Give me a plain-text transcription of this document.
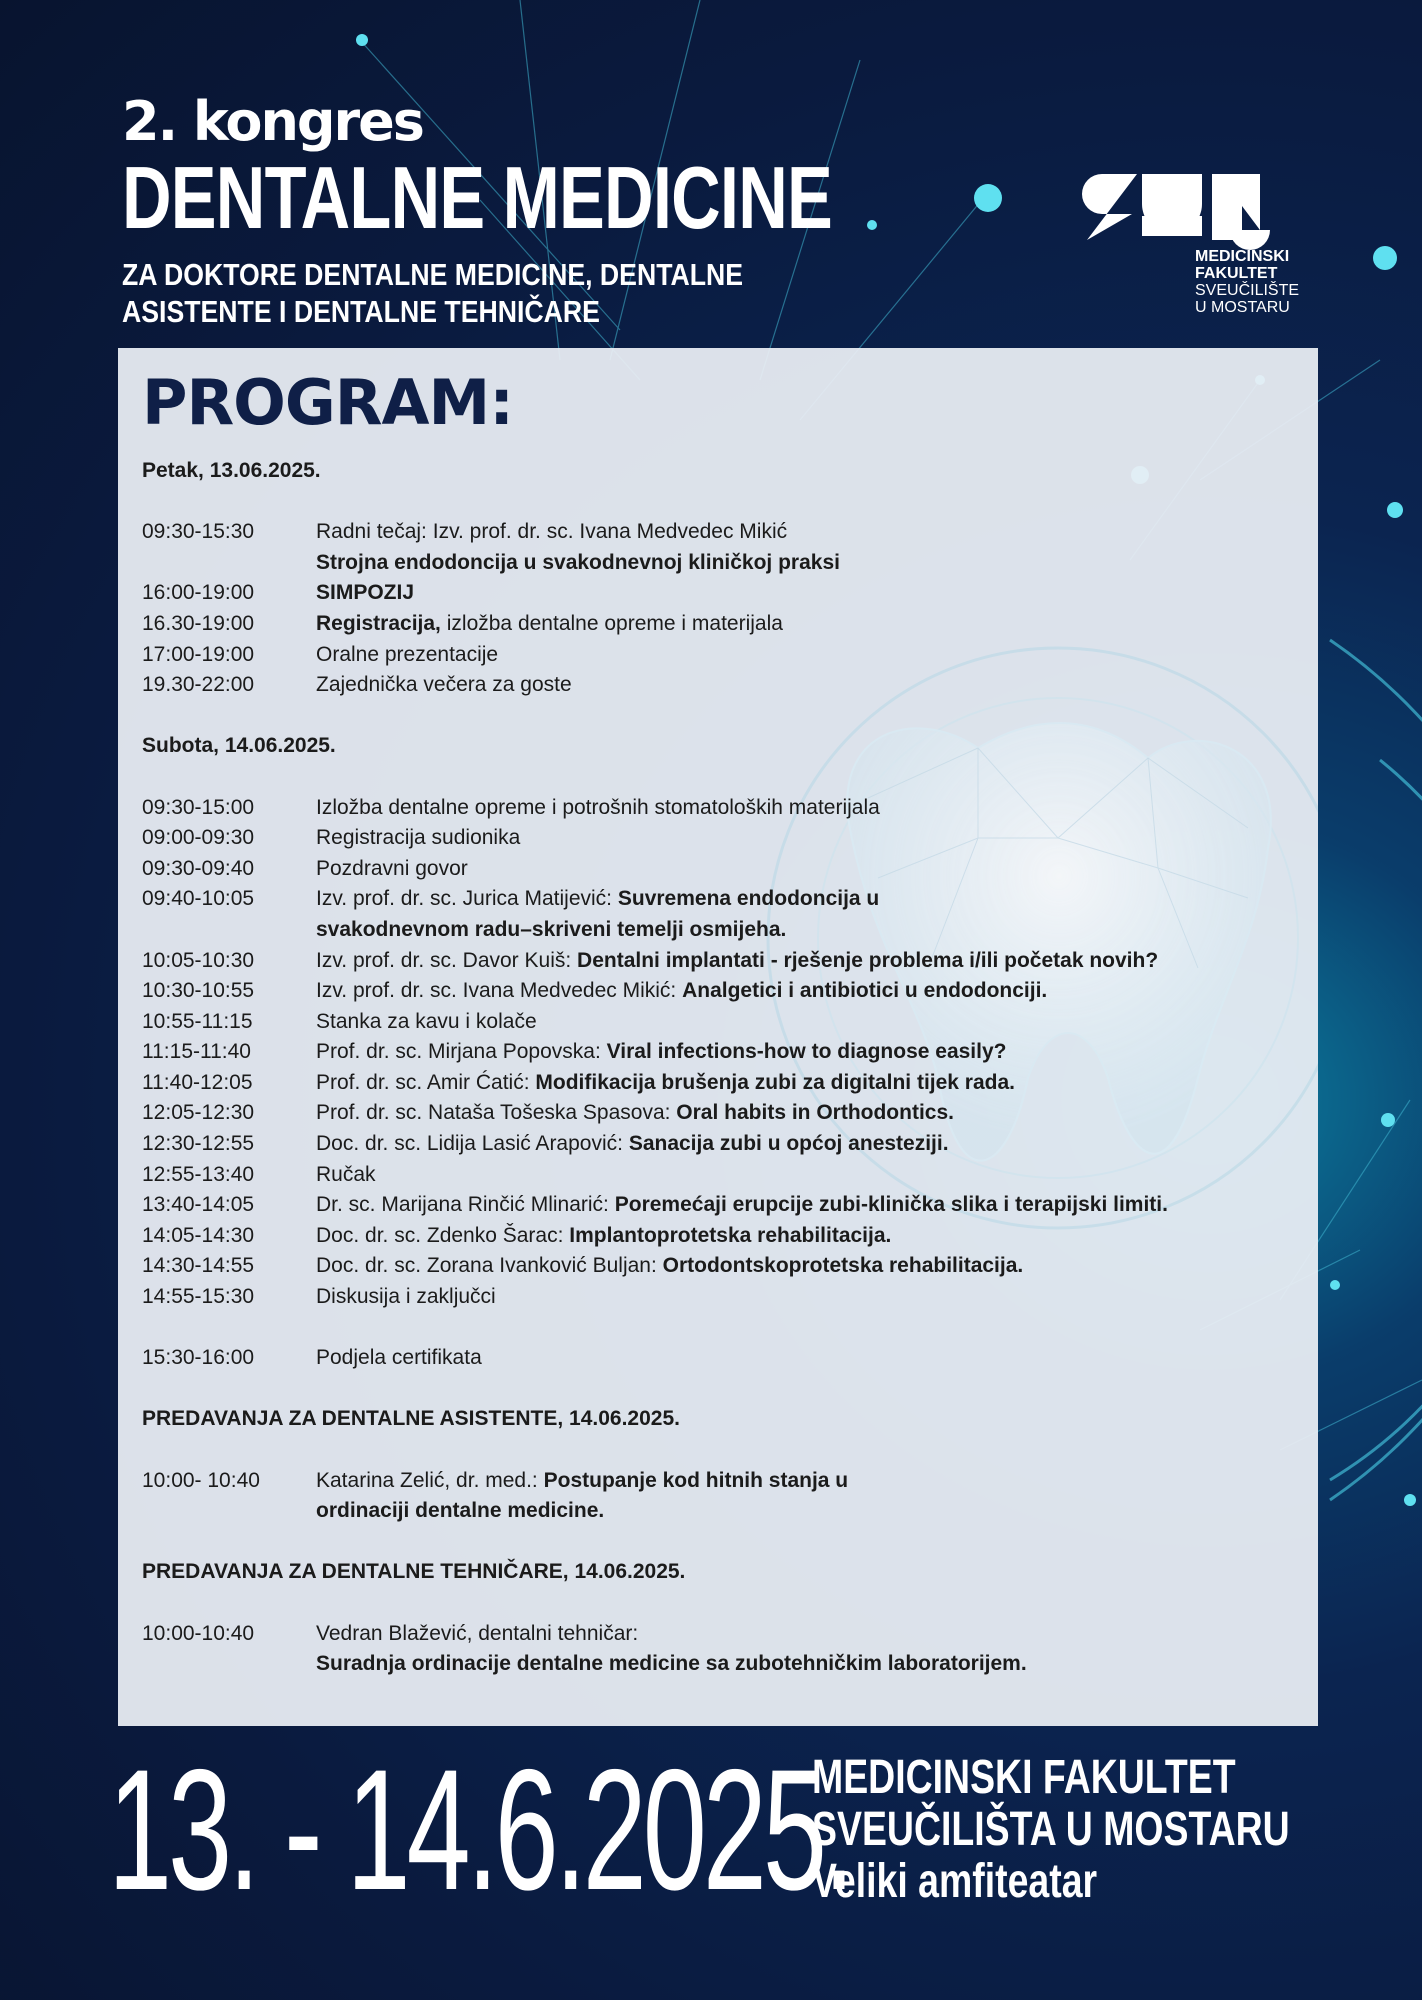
2. kongres
DENTALNE MEDICINE
ZA DOKTORE DENTALNE MEDICINE, DENTALNE
ASISTENTE I DENTALNE TEHNIČARE
MEDICINSKI
FAKULTET
SVEUČILIŠTE
U MOSTARU
PROGRAM:
Petak, 13.06.2025.
09:30-15:30	Radni tečaj: Izv. prof. dr. sc. Ivana Medvedec Mikić
Strojna endodoncija u svakodnevnoj kliničkoj praksi
16:00-19:00	SIMPOZIJ
16.30-19:00	Registracija, izložba dentalne opreme i materijala
17:00-19:00	Oralne prezentacije
19.30-22:00	Zajednička večera za goste
Subota, 14.06.2025.
09:30-15:00	Izložba dentalne opreme i potrošnih stomatoloških materijala
09:00-09:30	Registracija sudionika
09:30-09:40	Pozdravni govor
09:40-10:05	Izv. prof. dr. sc. Jurica Matijević: Suvremena endodoncija u
svakodnevnom radu–skriveni temelji osmijeha.
10:05-10:30	Izv. prof. dr. sc. Davor Kuiš: Dentalni implantati - rješenje problema i/ili početak novih?
10:30-10:55	Izv. prof. dr. sc. Ivana Medvedec Mikić: Analgetici i antibiotici u endodonciji.
10:55-11:15	Stanka za kavu i kolače
11:15-11:40	Prof. dr. sc. Mirjana Popovska: Viral infections-how to diagnose easily?
11:40-12:05	Prof. dr. sc. Amir Ćatić: Modifikacija brušenja zubi za digitalni tijek rada.
12:05-12:30	Prof. dr. sc. Nataša Tošeska Spasova: Oral habits in Orthodontics.
12:30-12:55	Doc. dr. sc. Lidija Lasić Arapović: Sanacija zubi u općoj anesteziji.
12:55-13:40	Ručak
13:40-14:05	Dr. sc. Marijana Rinčić Mlinarić: Poremećaji erupcije zubi-klinička slika i terapijski limiti.
14:05-14:30	Doc. dr. sc. Zdenko Šarac: Implantoprotetska rehabilitacija.
14:30-14:55	Doc. dr. sc. Zorana Ivanković Buljan: Ortodontskoprotetska rehabilitacija.
14:55-15:30	Diskusija i zaključci
15:30-16:00	Podjela certifikata
PREDAVANJA ZA DENTALNE ASISTENTE, 14.06.2025.
10:00- 10:40	Katarina Zelić, dr. med.: Postupanje kod hitnih stanja u
ordinaciji dentalne medicine.
PREDAVANJA ZA DENTALNE TEHNIČARE, 14.06.2025.
10:00-10:40	Vedran Blažević, dentalni tehničar:
Suradnja ordinacije dentalne medicine sa zubotehničkim laboratorijem.
13. - 14.6.2025.
MEDICINSKI FAKULTET
SVEUČILIŠTA U MOSTARU
Veliki amfiteatar
